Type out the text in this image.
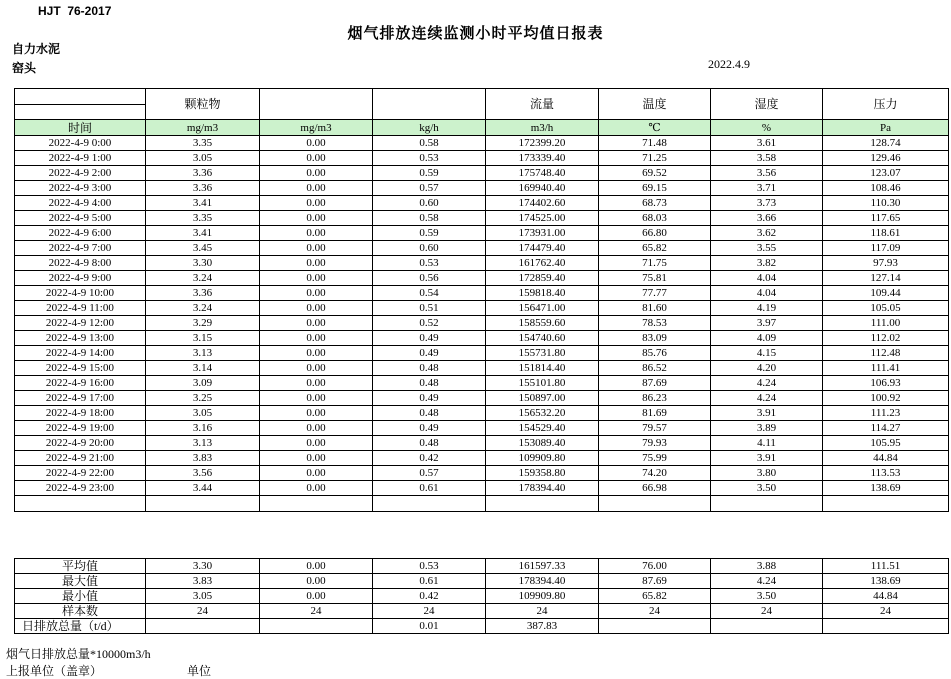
HJT  76-2017
烟气排放连续监测小时平均值日报表
自力水泥
窑头	2022.4.9
	颗粒物			流量	温度	湿度	压力
时间	mg/m3	mg/m3	kg/h	m3/h	℃	%	Pa
2022-4-9 0:00	3.35	0.00	0.58	172399.20	71.48	3.61	128.74
2022-4-9 1:00	3.05	0.00	0.53	173339.40	71.25	3.58	129.46
2022-4-9 2:00	3.36	0.00	0.59	175748.40	69.52	3.56	123.07
2022-4-9 3:00	3.36	0.00	0.57	169940.40	69.15	3.71	108.46
2022-4-9 4:00	3.41	0.00	0.60	174402.60	68.73	3.73	110.30
2022-4-9 5:00	3.35	0.00	0.58	174525.00	68.03	3.66	117.65
2022-4-9 6:00	3.41	0.00	0.59	173931.00	66.80	3.62	118.61
2022-4-9 7:00	3.45	0.00	0.60	174479.40	65.82	3.55	117.09
2022-4-9 8:00	3.30	0.00	0.53	161762.40	71.75	3.82	97.93
2022-4-9 9:00	3.24	0.00	0.56	172859.40	75.81	4.04	127.14
2022-4-9 10:00	3.36	0.00	0.54	159818.40	77.77	4.04	109.44
2022-4-9 11:00	3.24	0.00	0.51	156471.00	81.60	4.19	105.05
2022-4-9 12:00	3.29	0.00	0.52	158559.60	78.53	3.97	111.00
2022-4-9 13:00	3.15	0.00	0.49	154740.60	83.09	4.09	112.02
2022-4-9 14:00	3.13	0.00	0.49	155731.80	85.76	4.15	112.48
2022-4-9 15:00	3.14	0.00	0.48	151814.40	86.52	4.20	111.41
2022-4-9 16:00	3.09	0.00	0.48	155101.80	87.69	4.24	106.93
2022-4-9 17:00	3.25	0.00	0.49	150897.00	86.23	4.24	100.92
2022-4-9 18:00	3.05	0.00	0.48	156532.20	81.69	3.91	111.23
2022-4-9 19:00	3.16	0.00	0.49	154529.40	79.57	3.89	114.27
2022-4-9 20:00	3.13	0.00	0.48	153089.40	79.93	4.11	105.95
2022-4-9 21:00	3.83	0.00	0.42	109909.80	75.99	3.91	44.84
2022-4-9 22:00	3.56	0.00	0.57	159358.80	74.20	3.80	113.53
2022-4-9 23:00	3.44	0.00	0.61	178394.40	66.98	3.50	138.69

平均值	3.30	0.00	0.53	161597.33	76.00	3.88	111.51
最大值	3.83	0.00	0.61	178394.40	87.69	4.24	138.69
最小值	3.05	0.00	0.42	109909.80	65.82	3.50	44.84
样本数	24	24	24	24	24	24	24
日排放总量（t/d）			0.01	387.83			
烟气日排放总量*10000m3/h
上报单位（盖章）	单位
